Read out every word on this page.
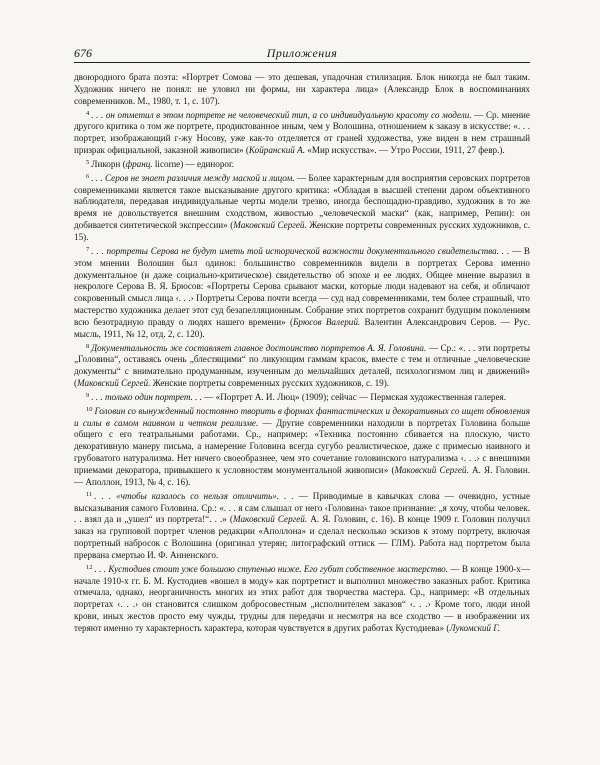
676	Приложения

двоюродного брата поэта: «Портрет Сомова — это дешевая, упадочная стилизация. Блок никогда не был таким. Художник ничего не понял: не уловил ни формы, ни характера лица» (Александр Блок в воспоминаниях современников. М., 1980, т. 1, с. 107).

$^4$ . . . он отметил в этом портрете не человеческий тип, а со индивидуальную красоту со модели. — Ср. мнение другого критика о том же портрете, продиктованное иным, чем у Волошина, отношением к заказу в искусстве: «. . . портрет, изображающий г-жу Носову, уже как-то отделяется от граней художества, уже виден в нем страшный призрак официальной, заказной живописи» (Койранский А. «Мир искусства». — Утро России, 1911, 27 февр.).

$^5$ Ликорн (франц. licorne) — единорог.

$^6$ . . . Серов не знает различия между маской и лицом. — Более характерным для восприятия серовских портретов современниками является такое высказывание другого критика: «Обладая в высшей степени даром объективного наблюдателя, передавая индивидуальные черты модели трезво, иногда беспощадно-правдиво, художник в то же время не довольствуется внешним сходством, живостью „человеческой маски“ (как, например, Репин): он добивается синтетической экспрессии» (Маковский Сергей. Женские портреты современных русских художников, с. 15).

$^7$ . . . портреты Серова не будут иметь той исторической важности документального свидетельства. . . — В этом мнении Волошин был одинок: большинство современников видели в портретах Серова именно документальное (и даже социально-критическое) свидетельство об эпохе и ее людях. Общее мнение выразил в некрологе Серова В. Я. Брюсов: «Портреты Серова срывают маски, которые люди надевают на себя, и обличают сокровенный смысл лица ‹. . .› Портреты Серова почти всегда — суд над современниками, тем более страшный, что мастерство художника делает этот суд безапелляционным. Собрание этих портретов сохранит будущим поколениям всю безотрадную правду о людях нашего времени» (Брюсов Валерий. Валентин Александрович Серов. — Рус. мысль, 1911, № 12, отд. 2, с. 120).

$^8$ Документальность же составляет главное достоинство портретов А. Я. Головина. — Ср.: «. . . эти портреты „Головина“, оставаясь очень „блестящими“ по ликующим гаммам красок, вместе с тем и отличные „человеческие документы“ с внимательно продуманным, изученным до мельчайших деталей, психологизмом лиц и движений» (Маковский Сергей. Женские портреты современных русских художников, с. 19).

$^9$ . . . только один портрет. . . — «Портрет А. И. Люц» (1909); сейчас — Пермская художественная галерея.

$^{10}$ Головин со вынужденный постоянно творить в формах фантастических и декоративных со ищет обновления и силы в самом наивном и четком реализме. — Другие современники находили в портретах Головина больше общего с его театральными работами. Ср., например: «Техника постоянно сбивается на плоскую, чисто декоративную манеру письма, а намерение Головина всегда сугубо реалистическое, даже с примесью наивного и грубоватого натурализма. Нет ничего своеобразнее, чем это сочетание головинского натурализма ‹. . .› с внешними приемами декоратора, привыкшего к условностям монументальной живописи» (Маковский Сергей. А. Я. Головин. — Аполлон, 1913, № 4, с. 16).

$^{11}$ . . . «чтобы казалось со нельзя отличить». . . — Приводимые в кавычках слова — очевидно, устные высказывания самого Головина. Ср.: «. . . я сам слышал от него ‹Головина› такое признание: „я хочу, чтобы человек. . . взял да и „ушел“ из портрета!“. . .» (Маковский Сергей. А. Я. Головин, с. 16). В конце 1909 г. Головин получил заказ на групповой портрет членов редакции «Аполлона» и сделал несколько эскизов к этому портрету, включая портретный набросок с Волошина (оригинал утерян; литографский оттиск — ГЛМ). Работа над портретом была прервана смертью И. Ф. Анненского.

$^{12}$ . . . Кустодиев стоит уже большою ступенью ниже. Его губит собственное мастерство. — В конце 1900-х—начале 1910-х гг. Б. М. Кустодиев «вошел в моду» как портретист и выполнил множество заказных работ. Критика отмечала, однако, неорганичность многих из этих работ для творчества мастера. Ср., например: «В отдельных портретах ‹. . .› он становится слишком добросовестным „исполнителем заказов“ ‹. . .› Кроме того, люди иной крови, иных жестов просто ему чужды, трудны для передачи и несмотря на все сходство — в изображении их теряют именно ту характерность характера, которая чувствуется в других работах Кустодиева» (Лукомский Г.
